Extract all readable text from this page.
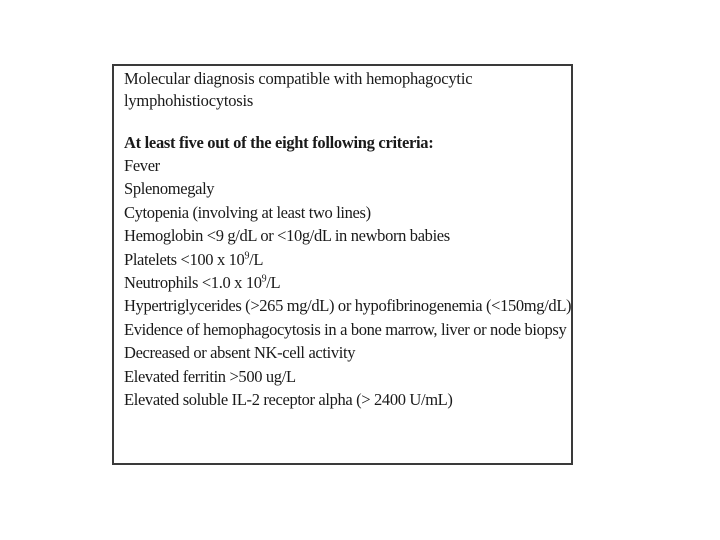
Molecular diagnosis compatible with hemophagocytic
lymphohistiocytosis
At least five out of the eight following criteria:
Fever
Splenomegaly
Cytopenia (involving at least two lines)
Hemoglobin <9 g/dL or <10g/dL in newborn babies
Platelets <100 x $10^9/L$
Neutrophils <1.0 x $10^9/L$
Hypertriglycerides (>265 mg/dL) or hypofibrinogenemia (<150mg/dL)
Evidence of hemophagocytosis in a bone marrow, liver or node biopsy
Decreased or absent NK-cell activity
Elevated ferritin >500 ug/L
Elevated soluble IL-2 receptor alpha (> 2400 U/mL)
